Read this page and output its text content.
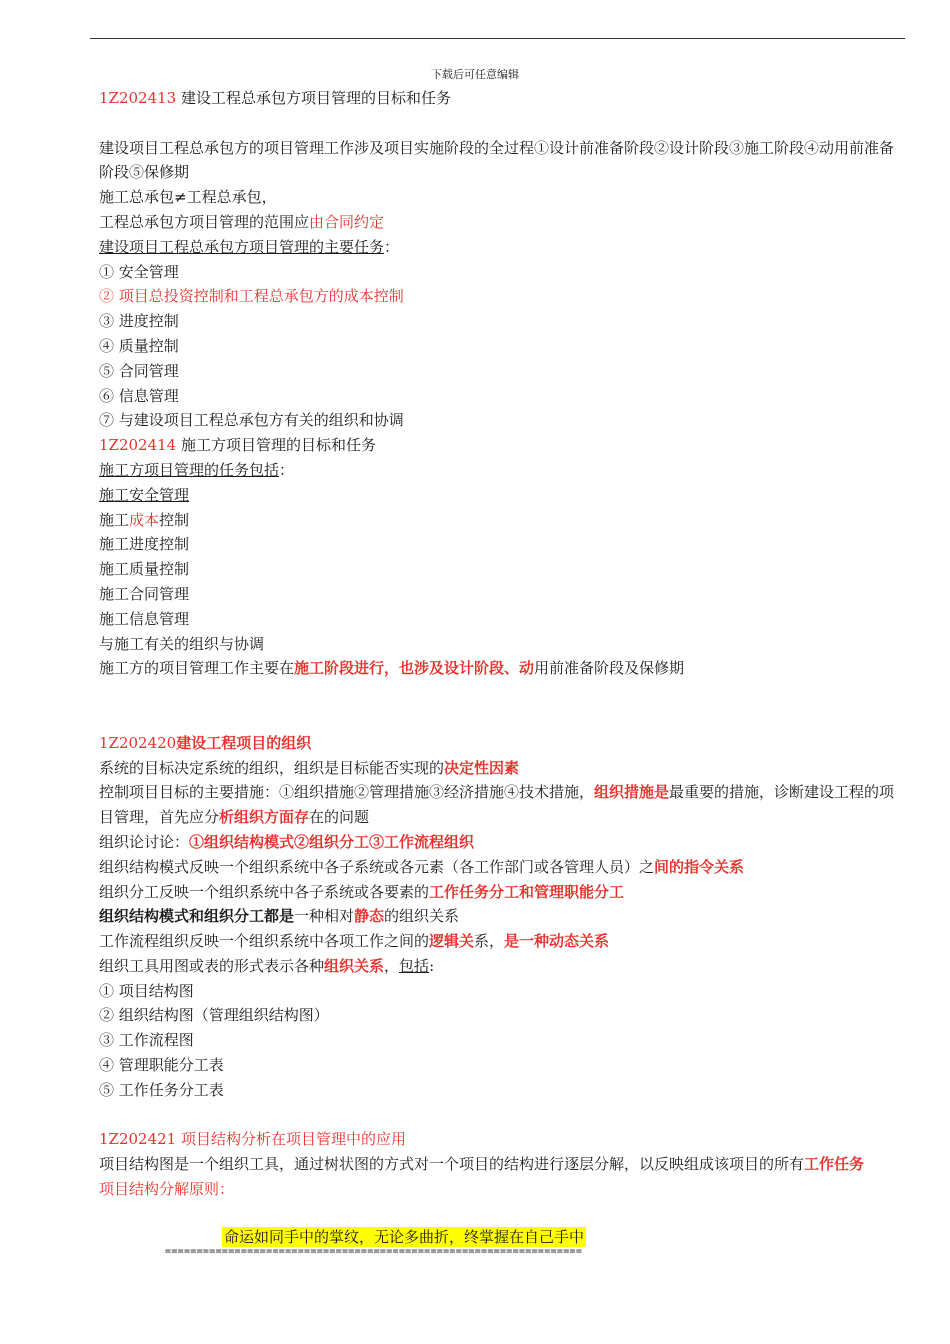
下载后可任意编辑
1Z202413 建设工程总承包方项目管理的目标和任务
建设项目工程总承包方的项目管理工作涉及项目实施阶段的全过程①设计前准备阶段②设计阶段③施工阶段④动用前准备阶段⑤保修期
施工总承包≠工程总承包，
工程总承包方项目管理的范围应由合同约定
建设项目工程总承包方项目管理的主要任务：
① 安全管理
② 项目总投资控制和工程总承包方的成本控制
③ 进度控制
④ 质量控制
⑤ 合同管理
⑥ 信息管理
⑦ 与建设项目工程总承包方有关的组织和协调
1Z202414 施工方项目管理的目标和任务
施工方项目管理的任务包括：
施工安全管理
施工成本控制
施工进度控制
施工质量控制
施工合同管理
施工信息管理
与施工有关的组织与协调
施工方的项目管理工作主要在施工阶段进行，也涉及设计阶段、动用前准备阶段及保修期
1Z202420建设工程项目的组织
系统的目标决定系统的组织，组织是目标能否实现的决定性因素
控制项目目标的主要措施：①组织措施②管理措施③经济措施④技术措施，组织措施是最重要的措施，诊断建设工程的项目管理，首先应分析组织方面存在的问题
组织论讨论：①组织结构模式②组织分工③工作流程组织
组织结构模式反映一个组织系统中各子系统或各元素（各工作部门或各管理人员）之间的指令关系
组织分工反映一个组织系统中各子系统或各要素的工作任务分工和管理职能分工
组织结构模式和组织分工都是一种相对静态的组织关系
工作流程组织反映一个组织系统中各项工作之间的逻辑关系，是一种动态关系
组织工具用图或表的形式表示各种组织关系，包括:
① 项目结构图
② 组织结构图（管理组织结构图）
③ 工作流程图
④ 管理职能分工表
⑤ 工作任务分工表
1Z202421 项目结构分析在项目管理中的应用
项目结构图是一个组织工具，通过树状图的方式对一个项目的结构进行逐层分解，以反映组成该项目的所有工作任务
项目结构分解原则：
命运如同手中的掌纹，无论多曲折，终掌握在自己手中
==================================================================
